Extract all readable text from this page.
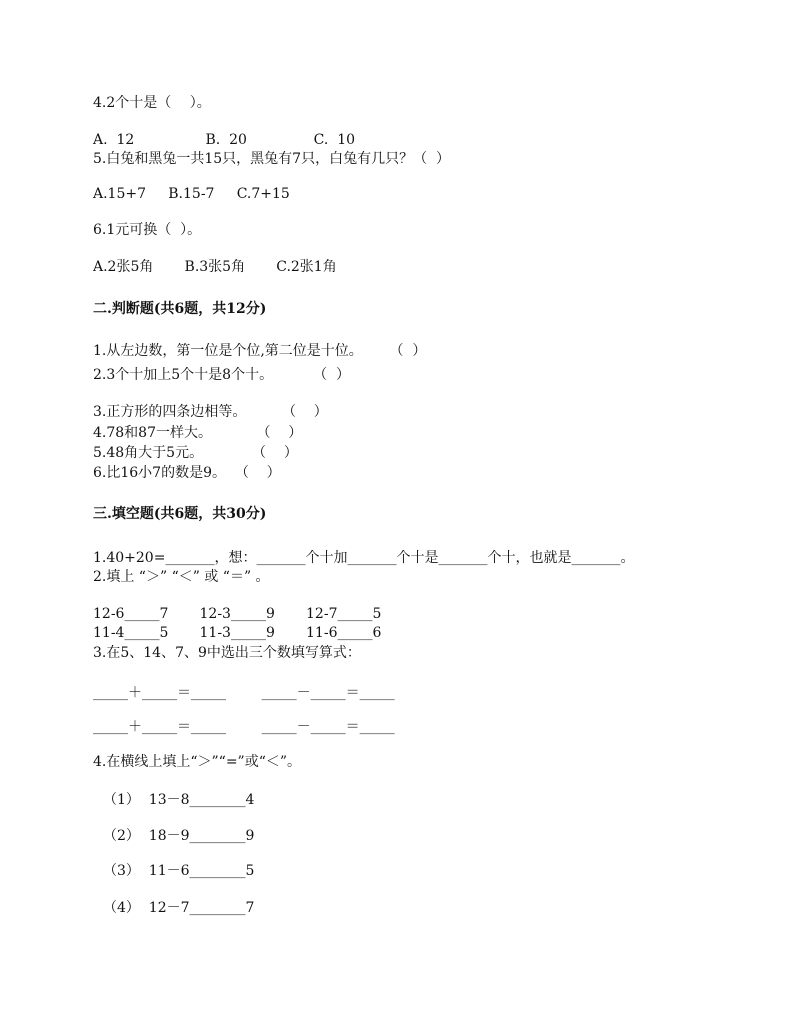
4.2个十是（　 ）。
A.  12                B.  20               C.  10
5.白兔和黑兔一共15只，黑兔有7只，白兔有几只？（  ）
A.15+7     B.15-7     C.7+15
6.1元可换（  ）。
A.2张5角       B.3张5角       C.2张1角
二.判断题(共6题，共12分)
1.从左边数，第一位是个位,第二位是十位。      （  ）
2.3个十加上5个十是8个十。         （  ）
3.正方形的四条边相等。        （    ）
4.78和87一样大。          （    ）
5.48角大于5元。           （    ）
6.比16小7的数是9。  （    ）
三.填空题(共6题，共30分)
1.40+20=_______，想：_______个十加_______个十是_______个十，也就是_______。
2.填上 “＞” “＜” 或 “＝” 。
12-6_____7       12-3_____9       12-7_____5
11-4_____5       11-3_____9       11-6_____6
3.在5、14、7、9中选出三个数填写算式：
_____＋_____＝_____        _____－_____＝_____
_____＋_____＝_____        _____－_____＝_____
4.在横线上填上“＞”“=”或“＜”。
（1）  13－8________4
（2）  18－9________9
（3）  11－6________5
（4）  12－7________7
